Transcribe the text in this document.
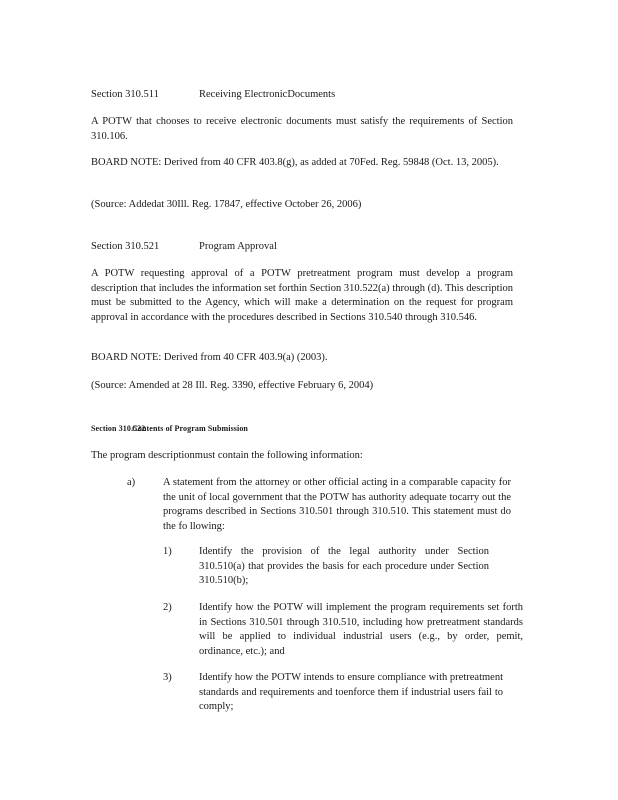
Section 310.511	Receiving ElectronicDocuments

A POTW that chooses to receive electronic documents must satisfy the requirements of Section 310.106.

BOARD NOTE: Derived from 40 CFR 403.8(g), as added at 70Fed. Reg. 59848 (Oct. 13, 2005).

(Source: Addedat 30Ill. Reg. 17847, effective October 26, 2006)

Section 310.521	Program Approval

A POTW requesting approval of a POTW pretreatment program must develop a program description that includes the information set forthin Section 310.522(a) through (d). This description must be submitted to the Agency, which will make a determination on the request for program approval in accordance with the procedures described in Sections 310.540 through 310.546.

BOARD NOTE: Derived from 40 CFR 403.9(a) (2003).

(Source: Amended at 28 Ill. Reg. 3390, effective February 6, 2004)

Section 310.522Contents of Program Submission

The program descriptionmust contain the following information:

a)	A statement from the attorney or other official acting in a comparable capacity for the unit of local government that the POTW has authority adequate tocarry out the programs described in Sections 310.501 through 310.510. This statement must do the fo llowing:

1)	Identify the provision of the legal authority under Section 310.510(a) that provides the basis for each procedure under Section 310.510(b);

2)	Identify how the POTW will implement the program requirements set forth in Sections 310.501 through 310.510, including how pretreatment standards will be applied to individual industrial users (e.g., by order, pemit, ordinance, etc.); and

3)	Identify how the POTW intends to ensure compliance with pretreatment standards and requirements and toenforce them if industrial users fail to comply;
